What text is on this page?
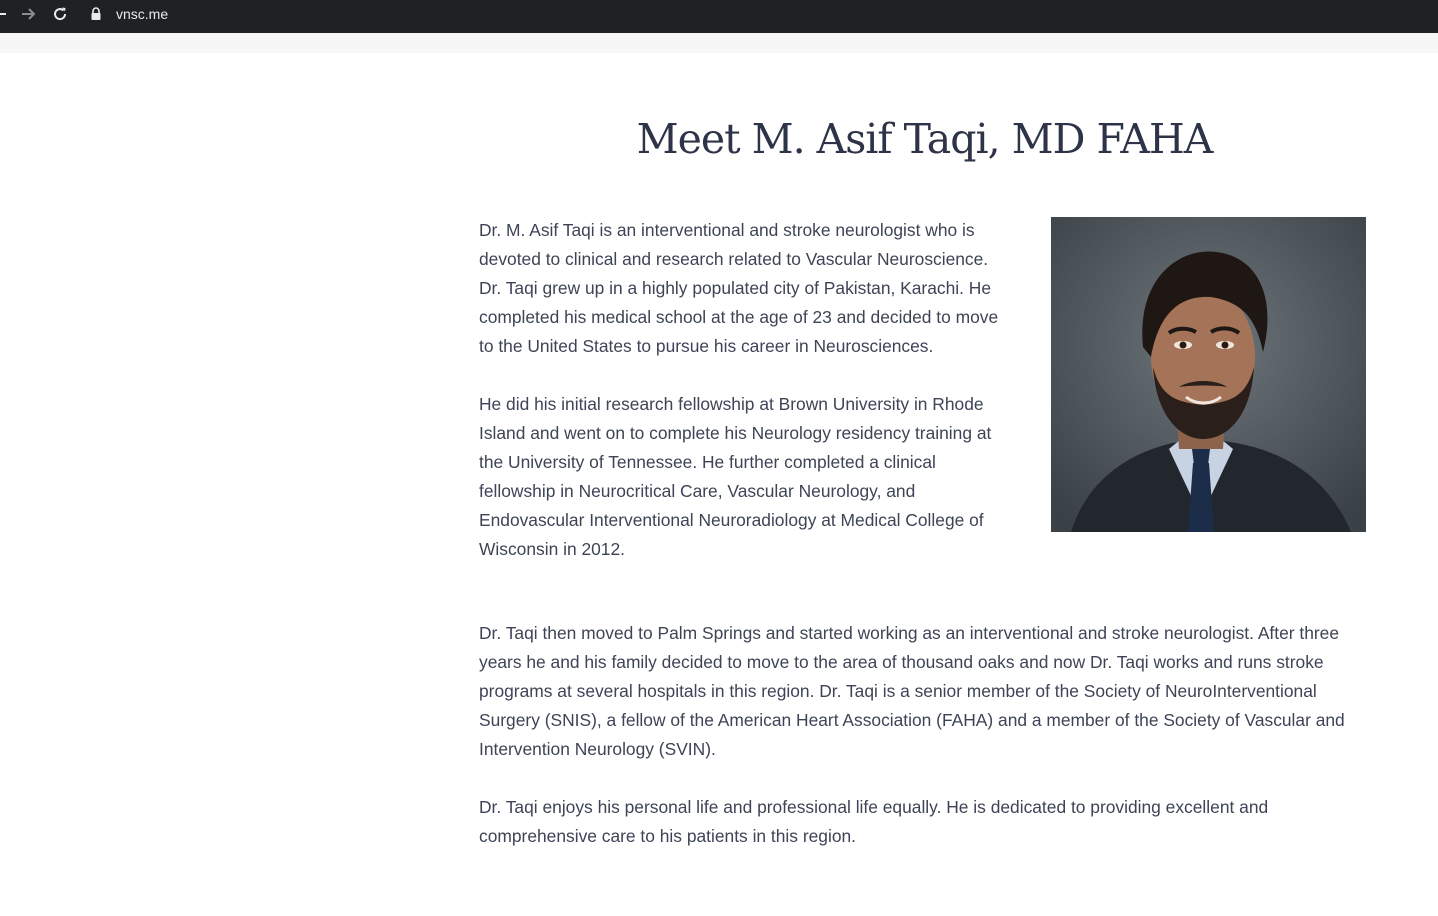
vnsc.me
Meet M. Asif Taqi, MD FAHA

Dr. M. Asif Taqi is an interventional and stroke neurologist who is devoted to clinical and research related to Vascular Neuroscience. Dr. Taqi grew up in a highly populated city of Pakistan, Karachi. He completed his medical school at the age of 23 and decided to move to the United States to pursue his career in Neurosciences.

He did his initial research fellowship at Brown University in Rhode Island and went on to complete his Neurology residency training at the University of Tennessee. He further completed a clinical fellowship in Neurocritical Care, Vascular Neurology, and Endovascular Interventional Neuroradiology at Medical College of Wisconsin in 2012.

Dr. Taqi then moved to Palm Springs and started working as an interventional and stroke neurologist. After three years he and his family decided to move to the area of thousand oaks and now Dr. Taqi works and runs stroke programs at several hospitals in this region. Dr. Taqi is a senior member of the Society of NeuroInterventional Surgery (SNIS), a fellow of the American Heart Association (FAHA) and a member of the Society of Vascular and Intervention Neurology (SVIN).

Dr. Taqi enjoys his personal life and professional life equally. He is dedicated to providing excellent and comprehensive care to his patients in this region.
